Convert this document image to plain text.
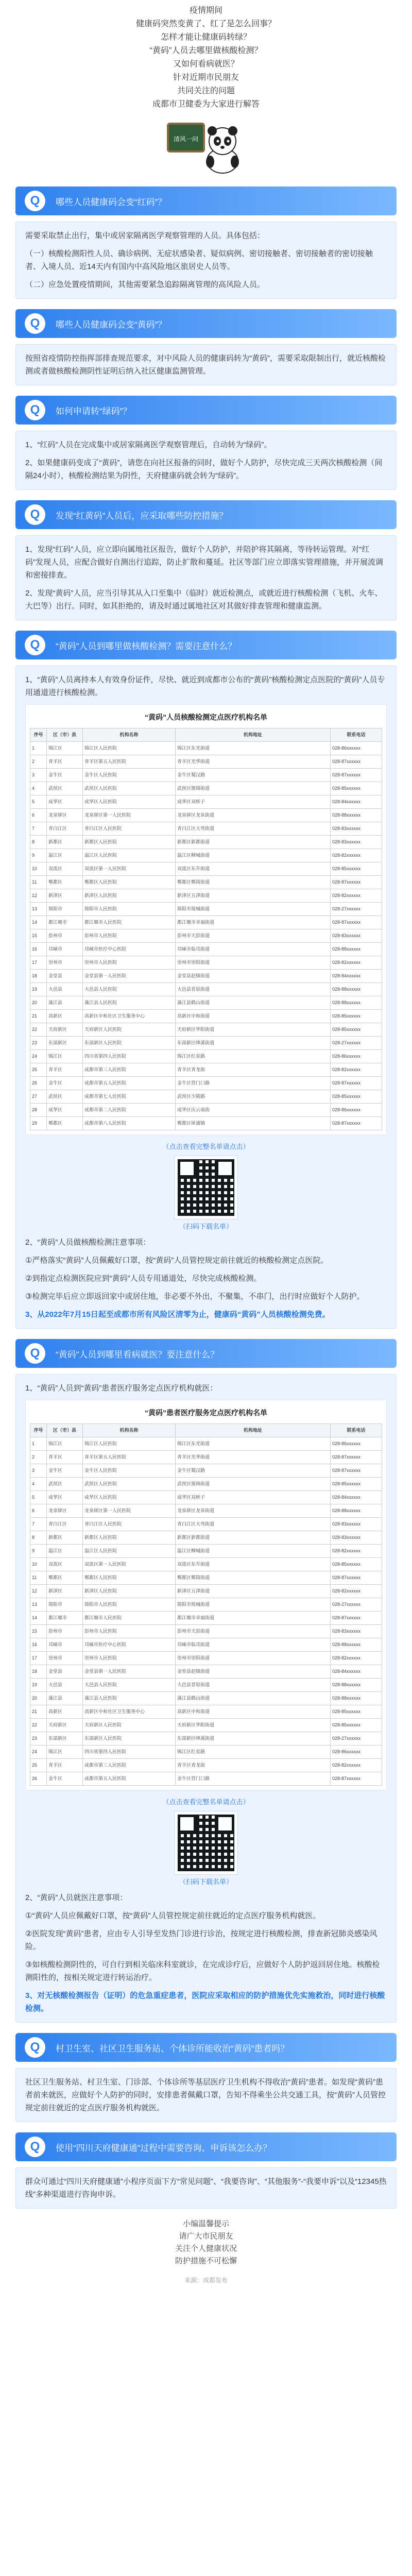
疫情期间

健康码突然变黄了、红了是怎么回事？

怎样才能让健康码转绿？

“黄码”人员去哪里做核酸检测？

又如何看病就医？

针对近期市民朋友

共同关注的问题

成都市卫健委为大家进行解答

清风一问
Q	哪些人员健康码会变“红码”？

需要采取禁止出行，集中或居家隔离医学观察管理的人员。具体包括：

（一）核酸检测阳性人员、确诊病例、无症状感染者、疑似病例、密切接触者、密切接触者的密切接触者、入境人员、近14天内有国内中高风险地区旅居史人员等。

（二）应急处置疫情期间，其他需要紧急追踪隔离管理的高风险人员。

Q	哪些人员健康码会变“黄码”？

按照省疫情防控指挥部排查规范要求，对中风险人员的健康码转为“黄码”，需要采取限制出行，就近核酸检测或者做核酸检测阴性证明后纳入社区健康监测管理。

Q	如何申请转“绿码”？

1、“红码”人员在完成集中或居家隔离医学观察管理后，自动转为“绿码”。

2、如果健康码变成了“黄码”，请您在向社区报备的同时，做好个人防护，尽快完成三天两次核酸检测（间隔24小时），核酸检测结果为阴性，天府健康码就会转为“绿码”。

Q	发现“红黄码”人员后，应采取哪些防控措施？

1、发现“红码”人员，应立即向属地社区报告，做好个人防护，并陪护将其隔离，等待转运管理。对“红码”发现人员，应配合做好自测出行追踪，防止扩散和蔓延。社区等部门应立即落实管理措施，并开展流调和密接排查。

2、发现“黄码”人员，应当引导其从入口至集中（临时）就近检测点，或就近进行核酸检测（飞机、火车、大巴等）出行。同时，如其拒绝的，请及时通过属地社区对其做好排查管理和健康监测。

Q	“黄码”人员到哪里做核酸检测？需要注意什么？

1、“黄码”人员离持本人有效身份证件，尽快、就近到成都市公布的“黄码”核酸检测定点医院的“黄码”人员专用通道进行核酸检测。

“黄码”人员核酸检测定点医疗机构名单
序号	区（市）县	机构名称	机构地址	联系电话
1	锦江区	锦江区人民医院	锦江区东光街道	028-86xxxxxx
2	青羊区	青羊区第五人民医院	青羊区光华街道	028-87xxxxxx
3	金牛区	金牛区人民医院	金牛区蜀汉路	028-87xxxxxx
4	武侯区	武侯区人民医院	武侯区簇锦街道	028-85xxxxxx
5	成华区	成华区人民医院	成华区双桥子	028-84xxxxxx
6	龙泉驿区	龙泉驿区第一人民医院	龙泉驿区龙泉街道	028-88xxxxxx
7	青白江区	青白江区人民医院	青白江区大弯街道	028-83xxxxxx
8	新都区	新都区人民医院	新都区新都街道	028-83xxxxxx
9	温江区	温江区人民医院	温江区柳城街道	028-82xxxxxx
10	双流区	双流区第一人民医院	双流区东升街道	028-85xxxxxx
11	郫都区	郫都区人民医院	郫都区郫筒街道	028-87xxxxxx
12	新津区	新津区人民医院	新津区五津街道	028-82xxxxxx
13	简阳市	简阳市人民医院	简阳市简城街道	028-27xxxxxx
14	都江堰市	都江堰市人民医院	都江堰市幸福街道	028-87xxxxxx
15	彭州市	彭州市人民医院	彭州市天彭街道	028-83xxxxxx
16	邛崃市	邛崃市医疗中心医院	邛崃市临邛街道	028-88xxxxxx
17	崇州市	崇州市人民医院	崇州市崇阳街道	028-82xxxxxx
18	金堂县	金堂县第一人民医院	金堂县赵镇街道	028-84xxxxxx
19	大邑县	大邑县人民医院	大邑县晋原街道	028-88xxxxxx
20	蒲江县	蒲江县人民医院	蒲江县鹤山街道	028-88xxxxxx
21	高新区	高新区中和社区卫生服务中心	高新区中和街道	028-85xxxxxx
22	天府新区	天府新区人民医院	天府新区华阳街道	028-85xxxxxx
23	东部新区	东部新区人民医院	东部新区绛溪街道	028-27xxxxxx
24	锦江区	四川省第四人民医院	锦江区红星路	028-86xxxxxx
25	青羊区	成都市第三人民医院	青羊区青龙街	028-82xxxxxx
26	金牛区	成都市第五人民医院	金牛区营门口路	028-87xxxxxx
27	武侯区	成都市第七人民医院	武侯区少陵路	028-85xxxxxx
28	成华区	成都市第二人民医院	成华区庆云南街	028-86xxxxxx
29	郫都区	成都市第八人民医院	郫都区犀浦镇	028-87xxxxxx
（点击查看完整名单请点击）
（扫码下载名单）

2、“黄码”人员做核酸检测注意事项：

①严格落实“黄码”人员佩戴好口罩，按“黄码”人员管控规定前往就近的核酸检测定点医院。

②到指定点检测医院应到“黄码”人员专用通道处，尽快完成核酸检测。

③检测完毕后应立即返回家中或居住地，非必要不外出，不聚集，不串门，出行时应做好个人防护。

3、从2022年7月15日起至成都市所有风险区清零为止，健康码“黄码”人员核酸检测免费。

Q	“黄码”人员到哪里看病就医？要注意什么？

1、“黄码”人员到“黄码”患者医疗服务定点医疗机构就医：

“黄码”患者医疗服务定点医疗机构名单
序号	区（市）县	机构名称	机构地址	联系电话
1	锦江区	锦江区人民医院	锦江区东光街道	028-86xxxxxx
2	青羊区	青羊区第五人民医院	青羊区光华街道	028-87xxxxxx
3	金牛区	金牛区人民医院	金牛区蜀汉路	028-87xxxxxx
4	武侯区	武侯区人民医院	武侯区簇锦街道	028-85xxxxxx
5	成华区	成华区人民医院	成华区双桥子	028-84xxxxxx
6	龙泉驿区	龙泉驿区第一人民医院	龙泉驿区龙泉街道	028-88xxxxxx
7	青白江区	青白江区人民医院	青白江区大弯街道	028-83xxxxxx
8	新都区	新都区人民医院	新都区新都街道	028-83xxxxxx
9	温江区	温江区人民医院	温江区柳城街道	028-82xxxxxx
10	双流区	双流区第一人民医院	双流区东升街道	028-85xxxxxx
11	郫都区	郫都区人民医院	郫都区郫筒街道	028-87xxxxxx
12	新津区	新津区人民医院	新津区五津街道	028-82xxxxxx
13	简阳市	简阳市人民医院	简阳市简城街道	028-27xxxxxx
14	都江堰市	都江堰市人民医院	都江堰市幸福街道	028-87xxxxxx
15	彭州市	彭州市人民医院	彭州市天彭街道	028-83xxxxxx
16	邛崃市	邛崃市医疗中心医院	邛崃市临邛街道	028-88xxxxxx
17	崇州市	崇州市人民医院	崇州市崇阳街道	028-82xxxxxx
18	金堂县	金堂县第一人民医院	金堂县赵镇街道	028-84xxxxxx
19	大邑县	大邑县人民医院	大邑县晋原街道	028-88xxxxxx
20	蒲江县	蒲江县人民医院	蒲江县鹤山街道	028-88xxxxxx
21	高新区	高新区中和社区卫生服务中心	高新区中和街道	028-85xxxxxx
22	天府新区	天府新区人民医院	天府新区华阳街道	028-85xxxxxx
23	东部新区	东部新区人民医院	东部新区绛溪街道	028-27xxxxxx
24	锦江区	四川省第四人民医院	锦江区红星路	028-86xxxxxx
25	青羊区	成都市第三人民医院	青羊区青龙街	028-82xxxxxx
26	金牛区	成都市第五人民医院	金牛区营门口路	028-87xxxxxx
（点击查看完整名单请点击）
（扫码下载名单）

2、“黄码”人员就医注意事项：

①“黄码”人员应佩戴好口罩，按“黄码”人员管控规定前往就近的定点医疗服务机构就医。

②医院发现“黄码”患者，应由专人引导至发热门诊进行诊治，按规定进行核酸检测，排查新冠肺炎感染风险。

③如核酸检测阴性的，可自行到相关临床科室就诊，在完成诊疗后，应做好个人防护返回居住地。核酸检测阳性的，按相关规定进行转运治疗。

3、对无核酸检测报告（证明）的危急重症患者，医院应采取相应的防护措施优先实施救治，同时进行核酸检测。

Q	村卫生室、社区卫生服务站、个体诊所能收治“黄码”患者吗？

社区卫生服务站、村卫生室、门诊部、个体诊所等基层医疗卫生机构不得收治“黄码”患者。如发现“黄码”患者前来就医，应做好个人防护的同时，安排患者佩戴口罩，告知不得乘坐公共交通工具，按“黄码”人员管控规定前往就近的定点医疗服务机构就医。

Q	使用“四川天府健康通”过程中需要咨询、申诉该怎么办？

群众可通过“四川天府健康通”小程序页面下方“常见问题”、“我要咨询”、“其他服务”-“我要申诉”以及“12345热线”多种渠道进行咨询申诉。

小编温馨提示

请广大市民朋友

关注个人健康状况

防护措施不可松懈

来源：成都发布
